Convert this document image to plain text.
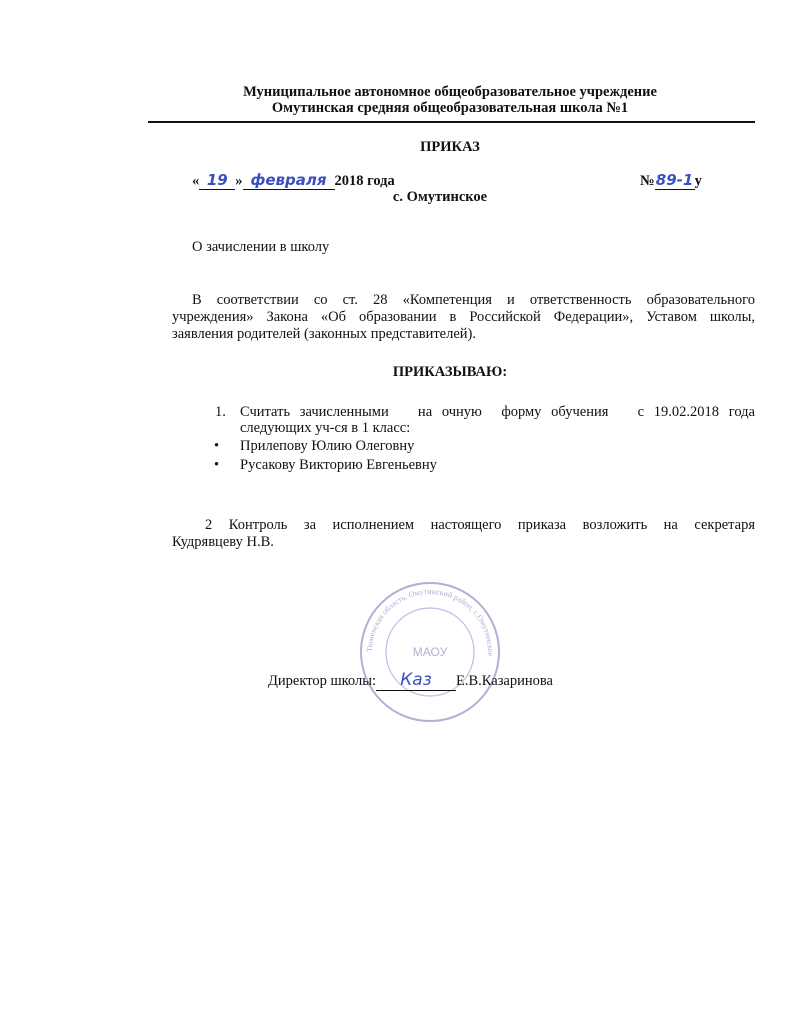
Муниципальное автономное общеобразовательное учреждение
Омутинская средняя общеобразовательная школа №1
ПРИКАЗ
« 19 » февраля 2018 года	№89-1у
с. Омутинское
О зачислении в школу
В соответствии со ст. 28 «Компетенция и ответственность образовательного
учреждения» Закона «Об образовании в Российской Федерации», Уставом школы,
заявления родителей (законных представителей).
ПРИКАЗЫВАЮ:
1. Считать зачисленными   на очную  форму обучения   с 19.02.2018 года
следующих уч-ся в 1 класс:
• Прилепову Юлию Олеговну
• Русакову Викторию Евгеньевну
2 Контроль за исполнением настоящего приказа возложить на секретаря
Кудрявцеву Н.В.
Тюменская область, Омутинский район, с.Омутинское
МАОУ
Директор школы: Каз Е.В.Казаринова
